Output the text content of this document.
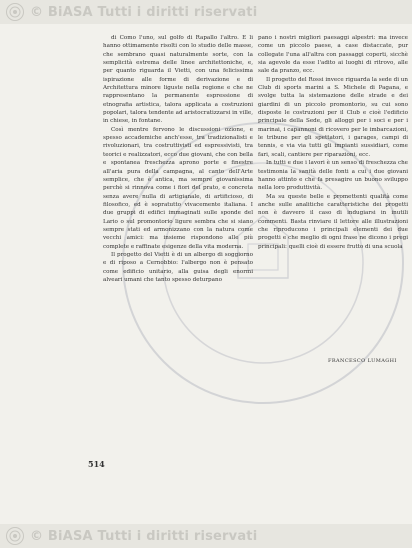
© BiASA Tutti i diritti riservati

di Como l'uno, sul golfo di Rapallo l'altro. E li hanno ottimamente risolti con lo studio delle masse, che sembrano quasi naturalmente sorte, con la semplicità estrema delle linee architettoniche, e, per quanto riguarda il Vietti, con una felicissima ispirazione alle forme di derivazione e di Architettura minore liguste nella regione e che ne rappresentano la permanente espressione di etnografia artistica, talora applicata a costruzioni popolari, talora tendente ad aristocratizzarsi in ville, in chiese, in fontane.

Così mentre fervono le discussioni ozione, e spesso accademiche anch'esse, tra tradizionalisti e rivoluzionari, tra costruttivisti ed espressivisti, tra teorici e realizzatori, ecco due giovani, che con bella e spontanea freschezza aprono porte e finestre all'aria pura della campagna, al canto dell'Arte semplice, che è antica, ma sempre giovanissima perchè si rinnova come i fiori del prato, e concreta senza avere nulla di artigianale, di artificioso, di filosofico, ed è sopratutto vivacemente italiana. I due gruppi di edifici immaginati sulle sponde del Lario o sul promontorio ligure sembra che si siano sempre stati ed armonizzano con la natura come vecchi amici: ma insieme rispondono alle più complete e raffinate esigenze della vita moderna.

Il progetto del Vietti è di un albergo di soggiorno e di riposo a Cernobbio: l'albergo non è pensato come edificio unitario, alla guisa degli enormi alveari umani che tanto spesso deturpano

pano i nostri migliori paesaggi alpestri: ma invece come un piccolo paese, a case distaccate, pur collegate l'una all'altra con passaggi coperti, sicchè sia agevole da esse l'adito ai luoghi di ritrovo, alle sale da pranzo, ecc.

Il progetto del Rossi invece riguarda la sede di un Club di sports marini a S. Michele di Pagana, e svolge tutta la sistemazione delle strade e dei giardini di un piccolo promontorio, su cui sono disposte le costruzioni per il Club e cioè l'edificio principale della Sede, gli alloggi per i soci e per i marinai, i capannoni di ricovero per le imbarcazioni, le tribune per gli spettatori, i garages, campi di tennis, e via via tutti gli impianti sussidiari, come fari, scali, cantiere per riparazioni, ecc.

In tutti e due i lavori è un senso di freschezza che testimonia la sanità delle fonti a cui i due giovani hanno attinto e che fa presagire un buono sviluppo nella loro produttività.

Ma su queste belle e promettenti qualità come anche sulle analitiche caratteristiche dei progetti non è davvero il caso di indugiarsi in inutili commenti. Basta rinviare il lettore alle illustrazioni che riproducono i principali elementi dei due progetti e che meglio di ogni frase ne dicono i pregi principali: quelli cioè di essere frutto di una scuola

FRANCESCO LUMAGHI
514
© BiASA Tutti i diritti riservati
